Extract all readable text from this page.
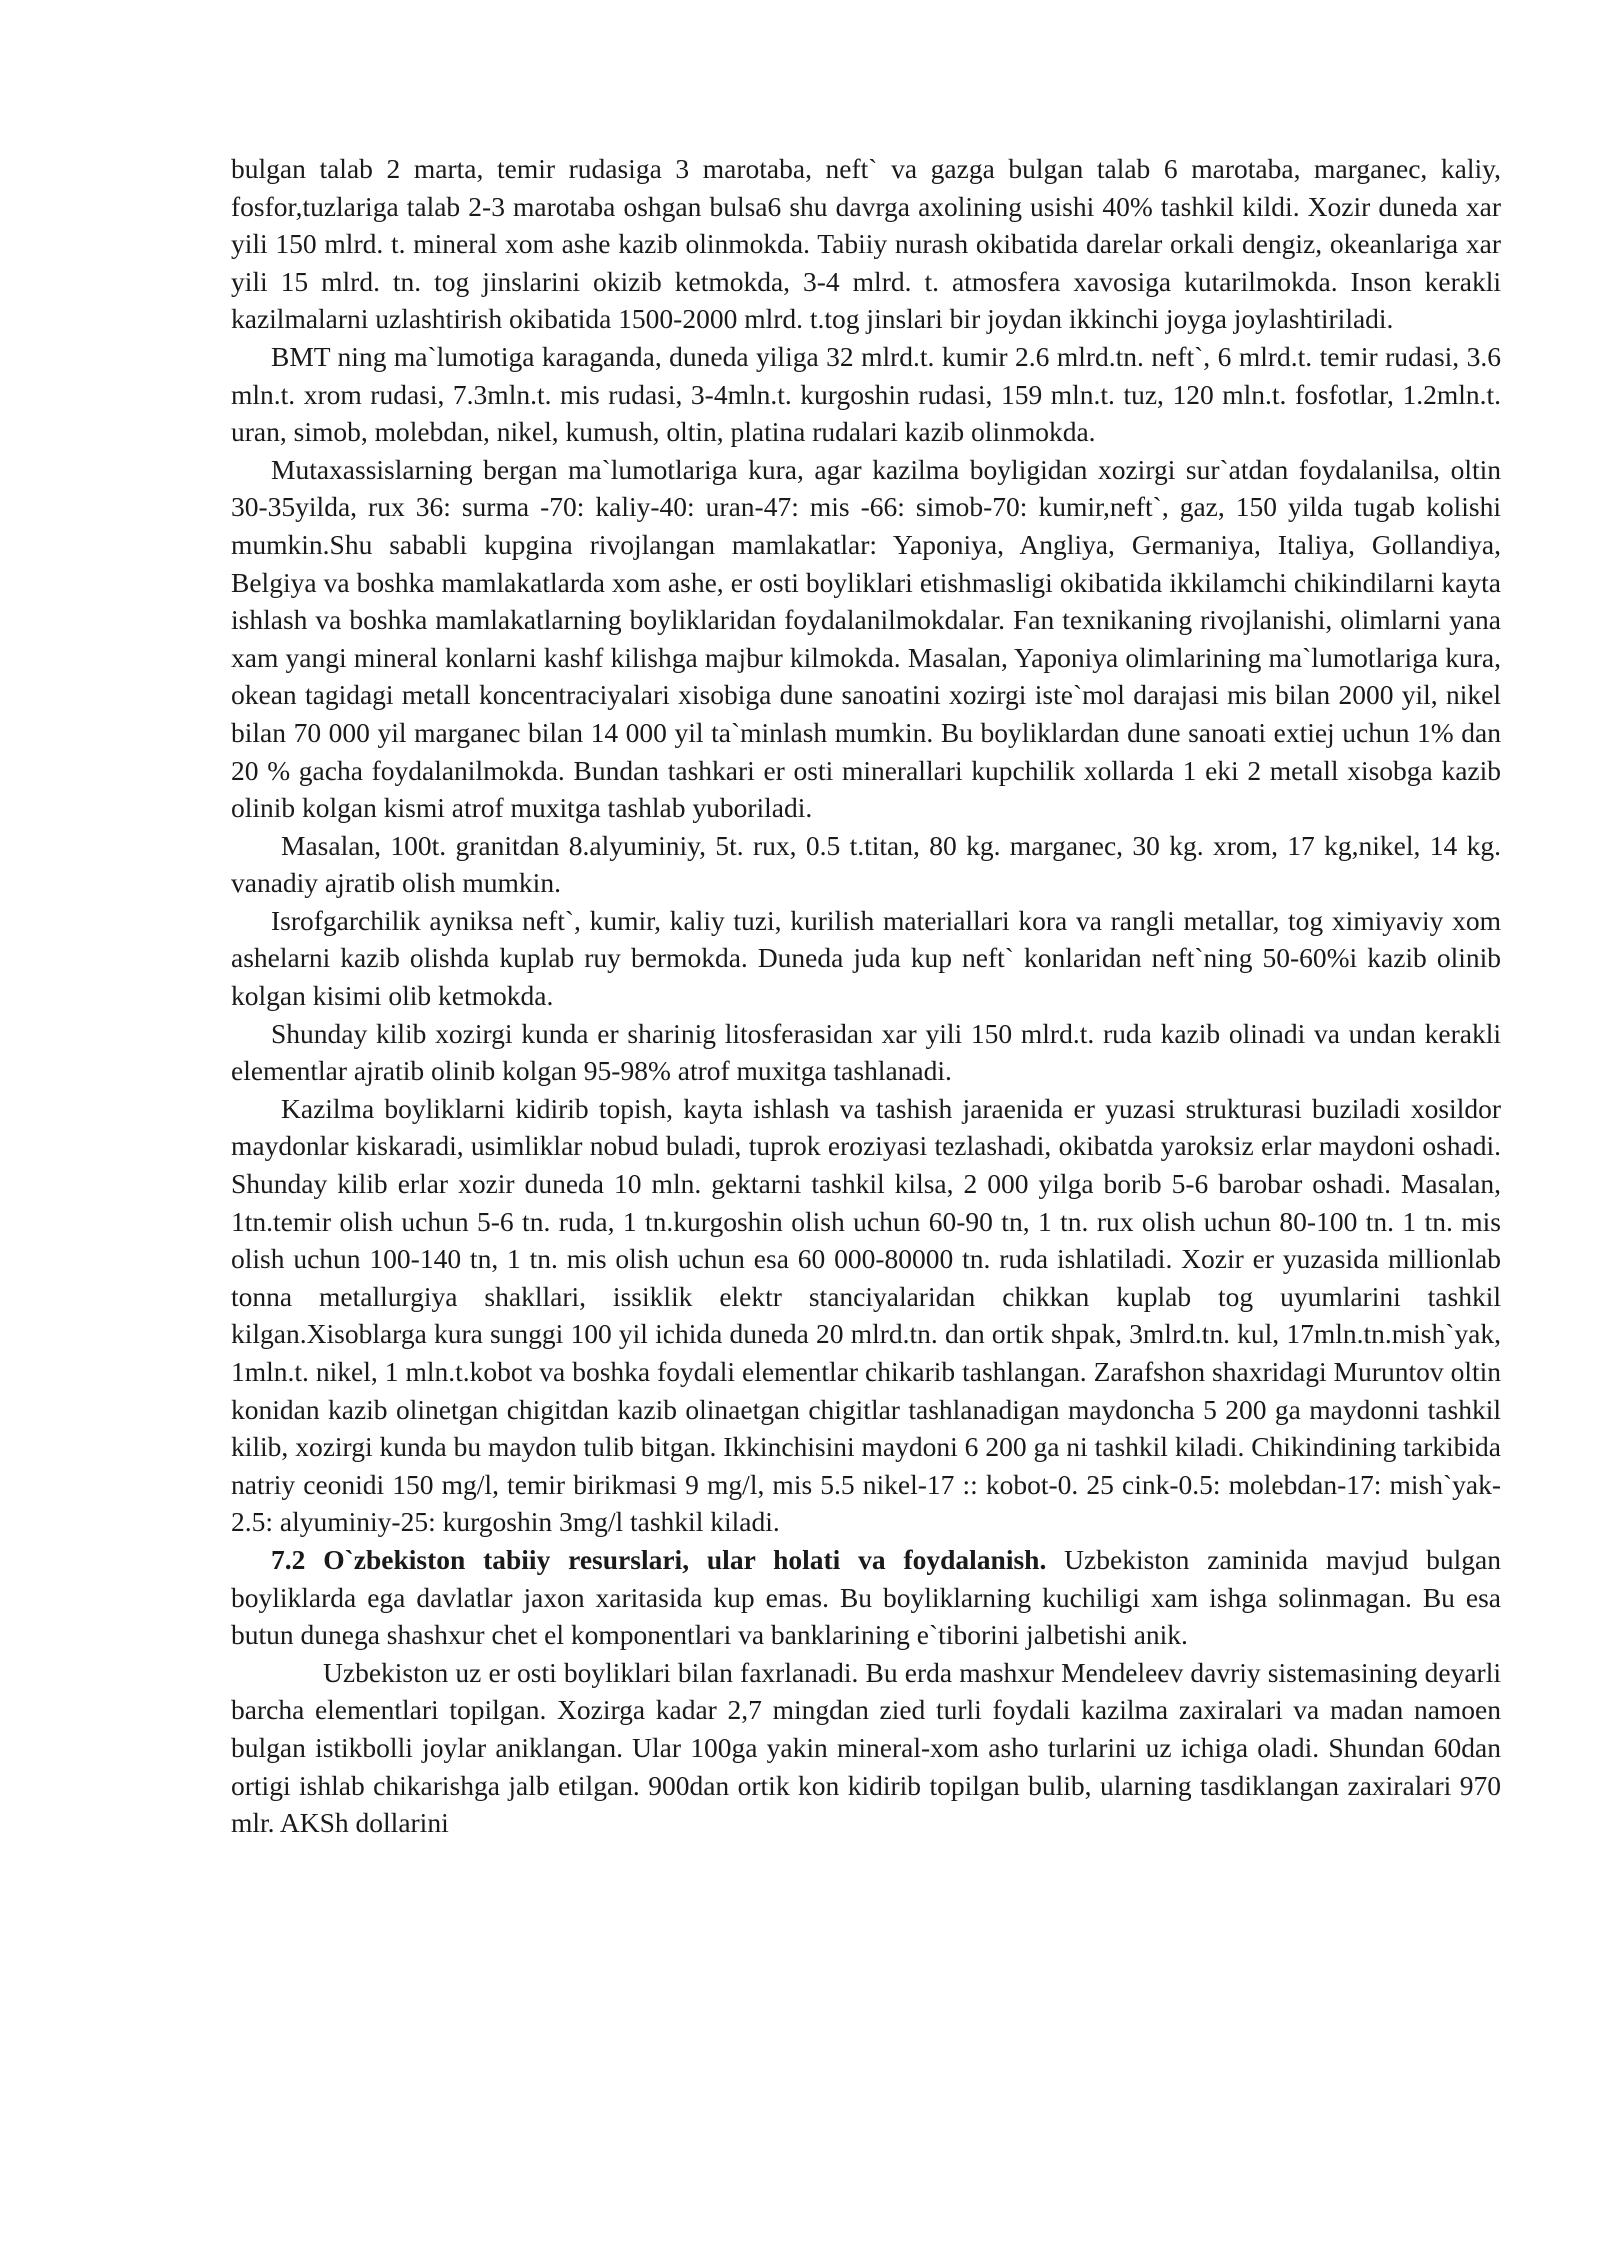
bulgan talab 2 marta, temir rudasiga 3 marotaba, neft` va gazga bulgan talab 6 marotaba, marganec, kaliy, fosfor,tuzlariga talab 2-3 marotaba oshgan bulsa6 shu davrga axolining usishi 40% tashkil kildi. Xozir duneda xar yili 150 mlrd. t. mineral xom ashe kazib olinmokda. Tabiiy nurash okibatida darelar orkali dengiz, okeanlariga xar yili 15 mlrd. tn. tog jinslarini okizib ketmokda, 3-4 mlrd. t. atmosfera xavosiga kutarilmokda. Inson kerakli kazilmalarni uzlashtirish okibatida 1500-2000 mlrd. t.tog jinslari bir joydan ikkinchi joyga joylashtiriladi.

BMT ning ma`lumotiga karaganda, duneda yiliga 32 mlrd.t. kumir 2.6 mlrd.tn. neft`, 6 mlrd.t. temir rudasi, 3.6 mln.t. xrom rudasi, 7.3mln.t. mis rudasi, 3-4mln.t. kurgoshin rudasi, 159 mln.t. tuz, 120 mln.t. fosfotlar, 1.2mln.t. uran, simob, molebdan, nikel, kumush, oltin, platina rudalari kazib olinmokda.

Mutaxassislarning bergan ma`lumotlariga kura, agar kazilma boyligidan xozirgi sur`atdan foydalanilsa, oltin 30-35yilda, rux 36: surma -70: kaliy-40: uran-47: mis -66: simob-70: kumir,neft`, gaz, 150 yilda tugab kolishi mumkin.Shu sababli kupgina rivojlangan mamlakatlar: Yaponiya, Angliya, Germaniya, Italiya, Gollandiya, Belgiya va boshka mamlakatlarda xom ashe, er osti boyliklari etishmasligi okibatida ikkilamchi chikindilarni kayta ishlash va boshka mamlakatlarning boyliklaridan foydalanilmokdalar. Fan texnikaning rivojlanishi, olimlarni yana xam yangi mineral konlarni kashf kilishga majbur kilmokda. Masalan, Yaponiya olimlarining ma`lumotlariga kura, okean tagidagi metall koncentraciyalari xisobiga dune sanoatini xozirgi iste`mol darajasi mis bilan 2000 yil, nikel bilan 70 000 yil marganec bilan 14 000 yil ta`minlash mumkin. Bu boyliklardan dune sanoati extiej uchun 1% dan 20 % gacha foydalanilmokda. Bundan tashkari er osti minerallari kupchilik xollarda 1 eki 2 metall xisobga kazib olinib kolgan kismi atrof muxitga tashlab yuboriladi.

Masalan, 100t. granitdan 8.alyuminiy, 5t. rux, 0.5 t.titan, 80 kg. marganec, 30 kg. xrom, 17 kg,nikel, 14 kg. vanadiy ajratib olish mumkin.

Isrofgarchilik ayniksa neft`, kumir, kaliy tuzi, kurilish materiallari kora va rangli metallar, tog ximiyaviy xom ashelarni kazib olishda kuplab ruy bermokda. Duneda juda kup neft` konlaridan neft`ning 50-60%i kazib olinib kolgan kisimi olib ketmokda.

Shunday kilib xozirgi kunda er sharinig litosferasidan xar yili 150 mlrd.t. ruda kazib olinadi va undan kerakli elementlar ajratib olinib kolgan 95-98% atrof muxitga tashlanadi.

Kazilma boyliklarni kidirib topish, kayta ishlash va tashish jaraenida er yuzasi strukturasi buziladi xosildor maydonlar kiskaradi, usimliklar nobud buladi, tuprok eroziyasi tezlashadi, okibatda yaroksiz erlar maydoni oshadi. Shunday kilib erlar xozir duneda 10 mln. gektarni tashkil kilsa, 2 000 yilga borib 5-6 barobar oshadi. Masalan, 1tn.temir olish uchun 5-6 tn. ruda, 1 tn.kurgoshin olish uchun 60-90 tn, 1 tn. rux olish uchun 80-100 tn. 1 tn. mis olish uchun 100-140 tn, 1 tn. mis olish uchun esa 60 000-80000 tn. ruda ishlatiladi. Xozir er yuzasida millionlab tonna metallurgiya shakllari, issiklik elektr stanciyalaridan chikkan kuplab tog uyumlarini tashkil kilgan.Xisoblarga kura sunggi 100 yil ichida duneda 20 mlrd.tn. dan ortik shpak, 3mlrd.tn. kul, 17mln.tn.mish`yak, 1mln.t. nikel, 1 mln.t.kobot va boshka foydali elementlar chikarib tashlangan. Zarafshon shaxridagi Muruntov oltin konidan kazib olinetgan chigitdan kazib olinaetgan chigitlar tashlanadigan maydoncha 5 200 ga maydonni tashkil kilib, xozirgi kunda bu maydon tulib bitgan. Ikkinchisini maydoni 6 200 ga ni tashkil kiladi. Chikindining tarkibida natriy ceonidi 150 mg/l, temir birikmasi 9 mg/l, mis 5.5 nikel-17 :: kobot-0. 25 cink-0.5: molebdan-17: mish`yak-2.5: alyuminiy-25: kurgoshin 3mg/l tashkil kiladi.

7.2 O`zbekiston tabiiy resurslari, ular holati va foydalanish. Uzbekiston zaminida mavjud bulgan boyliklarda ega davlatlar jaxon xaritasida kup emas. Bu boyliklarning kuchiligi xam ishga solinmagan. Bu esa butun dunega shashxur chet el komponentlari va banklarining e`tiborini jalbetishi anik.

Uzbekiston uz er osti boyliklari bilan faxrlanadi. Bu erda mashxur Mendeleev davriy sistemasining deyarli barcha elementlari topilgan. Xozirga kadar 2,7 mingdan zied turli foydali kazilma zaxiralari va madan namoen bulgan istikbolli joylar aniklangan. Ular 100ga yakin mineral-xom asho turlarini uz ichiga oladi. Shundan 60dan ortigi ishlab chikarishga jalb etilgan. 900dan ortik kon kidirib topilgan bulib, ularning tasdiklangan zaxiralari 970 mlr. AKSh dollarini
